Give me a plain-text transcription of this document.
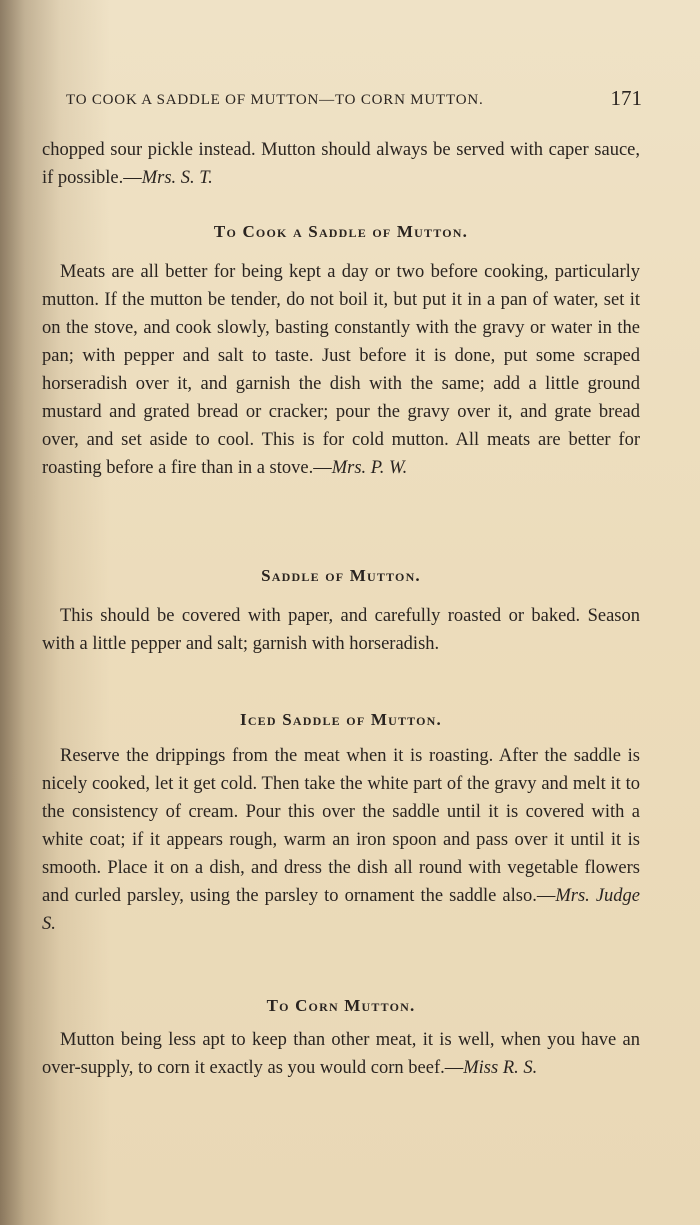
TO COOK A SADDLE OF MUTTON—TO CORN MUTTON.	171

chopped sour pickle instead. Mutton should always be served with caper sauce, if possible.—Mrs. S. T.

To Cook a Saddle of Mutton.

Meats are all better for being kept a day or two before cooking, particularly mutton. If the mutton be tender, do not boil it, but put it in a pan of water, set it on the stove, and cook slowly, basting constantly with the gravy or water in the pan; with pepper and salt to taste. Just before it is done, put some scraped horseradish over it, and garnish the dish with the same; add a little ground mustard and grated bread or cracker; pour the gravy over it, and grate bread over, and set aside to cool. This is for cold mutton. All meats are better for roasting before a fire than in a stove.—Mrs. P. W.

Saddle of Mutton.

This should be covered with paper, and carefully roasted or baked. Season with a little pepper and salt; garnish with horseradish.

Iced Saddle of Mutton.

Reserve the drippings from the meat when it is roasting. After the saddle is nicely cooked, let it get cold. Then take the white part of the gravy and melt it to the consistency of cream. Pour this over the saddle until it is covered with a white coat; if it appears rough, warm an iron spoon and pass over it until it is smooth. Place it on a dish, and dress the dish all round with vegetable flowers and curled parsley, using the parsley to ornament the saddle also.—Mrs. Judge S.

To Corn Mutton.

Mutton being less apt to keep than other meat, it is well, when you have an over-supply, to corn it exactly as you would corn beef.—Miss R. S.
